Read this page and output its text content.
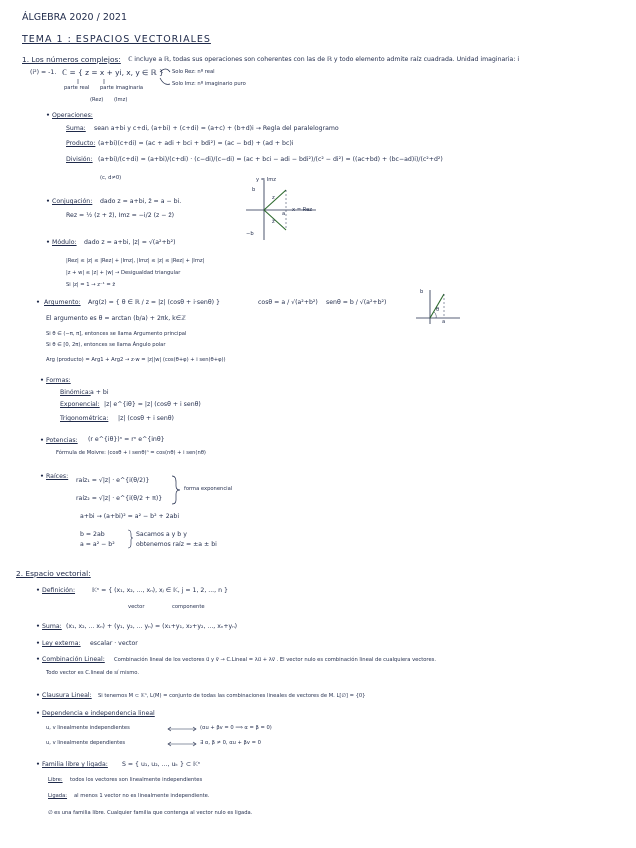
ÁLGEBRA 2020 / 2021
TEMA 1 : ESPACIOS VECTORIALES
1. Los números complejos: ℂ incluye a ℝ, todas sus operaciones son coherentes con las de ℝ y todo elemento admite raíz cuadrada. Unidad imaginaria: i
(i²) = -1. ℂ = { z = x + yi, x, y ∈ ℝ } Solo Rez: nº real
Solo Imz: nº imaginario puro
parte real parte imaginaria
(Rez) (Imz)
• Operaciones:
Suma: sean a+bi y c+di, (a+bi) + (c+di) = (a+c) + (b+d)i → Regla del paralelogramo
Producto: (a+bi)(c+di) = (ac + adi + bci + bdi²) = (ac − bd) + (ad + bc)i
División: (a+bi)/(c+di) = (a+bi)/(c+di) · (c−di)/(c−di) = (ac + bci − adi − bdi²)/(c² − di²) = ((ac+bd) + (bc−ad)i)/(c²+d²)
(c, d≠0)	y = Imz
x = Rez
b
−b
a
z
z̄
• Conjugación: dado z = a+bi, z̄ = a − bi.
Rez = ½ (z + z̄), Imz = −i/2 (z − z̄)
• Módulo: dado z = a+bi, |z| = √(a²+b²)
|Rez| ≤ |z| ≤ |Rez| + |Imz|, |Imz| ≤ |z| ≤ |Rez| + |Imz|
|z + w| ≤ |z| + |w| → Desigualdad triangular
Si |z| = 1 → z⁻¹ = z̄
• Argumento: Arg(z) = { θ ∈ ℝ / z = |z| (cosθ + i·senθ) }	cosθ = a / √(a²+b²) senθ = b / √(a²+b²)
El argumento es θ = arctan (b/a) + 2πk, k∈ℤ
Si θ ∈ (−π, π], entonces se llama Argumento principal
Si θ ∈ [0, 2π), entonces se llama Ángulo polar
Arg (producto) = Arg1 + Arg2 → z·w = |z||w| (cos(θ+φ) + i sen(θ+φ))
b
a
θ
• Formas:
Binómica: a + bi
Exponencial: |z| e^{iθ} = |z| (cosθ + i senθ)
Trigonométrica: |z| (cosθ + i senθ)
• Potencias: (r e^{iθ})ⁿ = rⁿ e^{inθ}
Fórmula de Moivre: (cosθ + i senθ)ⁿ = cos(nθ) + i sen(nθ)
• Raíces:
raíz₁ = √|z| · e^{i(θ/2)}
raíz₂ = √|z| · e^{i(θ/2 + π)}
forma exponencial
a+bi → (a+bi)² = a² − b² + 2abi
b = 2ab
a = a² − b²
Sacamos a y b y
obtenemos raíz = ±a ± bi
2. Espacio vectorial:
• Definición:	𝕂ⁿ = { (x₁, x₂, ..., xₙ), xⱼ ∈ 𝕂, j = 1, 2, ..., n }
vector	componente
• Suma: (x₁, x₂, ... xₙ) + (y₁, y₂, ... yₙ) = (x₁+y₁, x₂+y₂, ..., xₙ+yₙ)
• Ley externa: escalar · vector
• Combinación Lineal: Combinación lineal de los vectores u⃗ y v⃗ → C.Lineal = λu⃗ + λv⃗ . El vector nulo es combinación lineal de cualquiera vectores.
Todo vector es C.lineal de sí mismo.
• Clausura Lineal: Si tenemos M ⊂ 𝕂ⁿ, L(M) = conjunto de todas las combinaciones lineales de vectores de M. L[∅] = {0}
• Dependencia e independencia lineal
u, v linealmente independientes	(αu + βv = 0 ⟹ α = β = 0)
u, v linealmente dependientes	∃ α, β ≠ 0, αu + βv = 0
• Familia libre y ligada: S = { u₁, u₂, ..., uₖ } ⊂ 𝕂ⁿ
Libre: todos los vectores son linealmente independientes
Ligada: al menos 1 vector no es linealmente independiente.
∅ es una familia libre. Cualquier familia que contenga al vector nulo es ligada.
